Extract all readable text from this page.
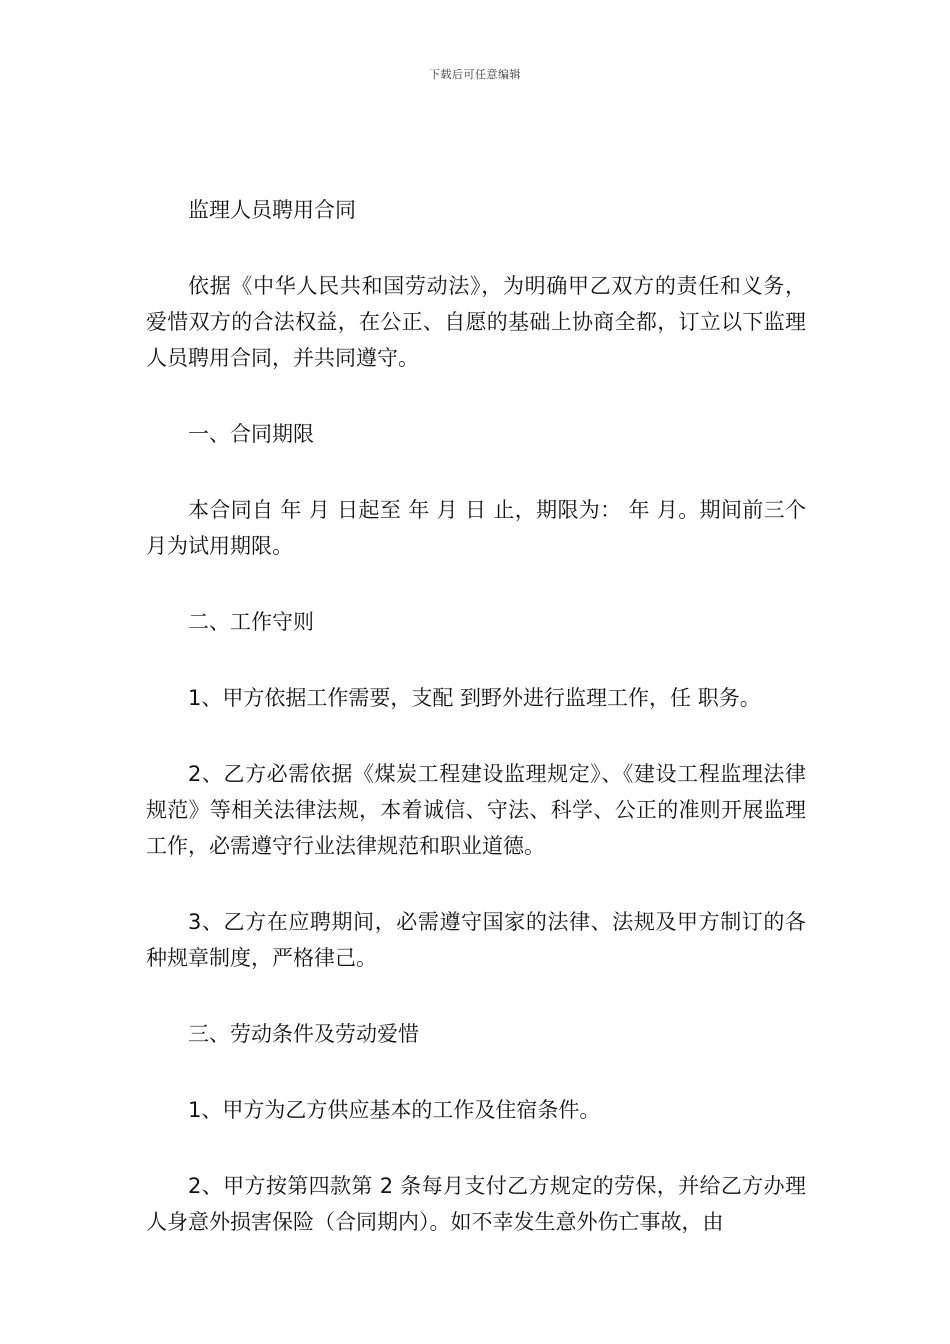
下载后可任意编辑

监理人员聘用合同

依据《中华人民共和国劳动法》，为明确甲乙双方的责任和义务，爱惜双方的合法权益，在公正、自愿的基础上协商全都，订立以下监理人员聘用合同，并共同遵守。

一、合同期限

本合同自 年 月 日起至 年 月 日 止，期限为： 年 月。期间前三个月为试用期限。

二、工作守则

1、甲方依据工作需要，支配 到野外进行监理工作，任 职务。

2、乙方必需依据《煤炭工程建设监理规定》、《建设工程监理法律规范》等相关法律法规，本着诚信、守法、科学、公正的准则开展监理工作，必需遵守行业法律规范和职业道德。

3、乙方在应聘期间，必需遵守国家的法律、法规及甲方制订的各种规章制度，严格律己。

三、劳动条件及劳动爱惜

1、甲方为乙方供应基本的工作及住宿条件。

2、甲方按第四款第 2 条每月支付乙方规定的劳保，并给乙方办理人身意外损害保险（合同期内）。如不幸发生意外伤亡事故，由
